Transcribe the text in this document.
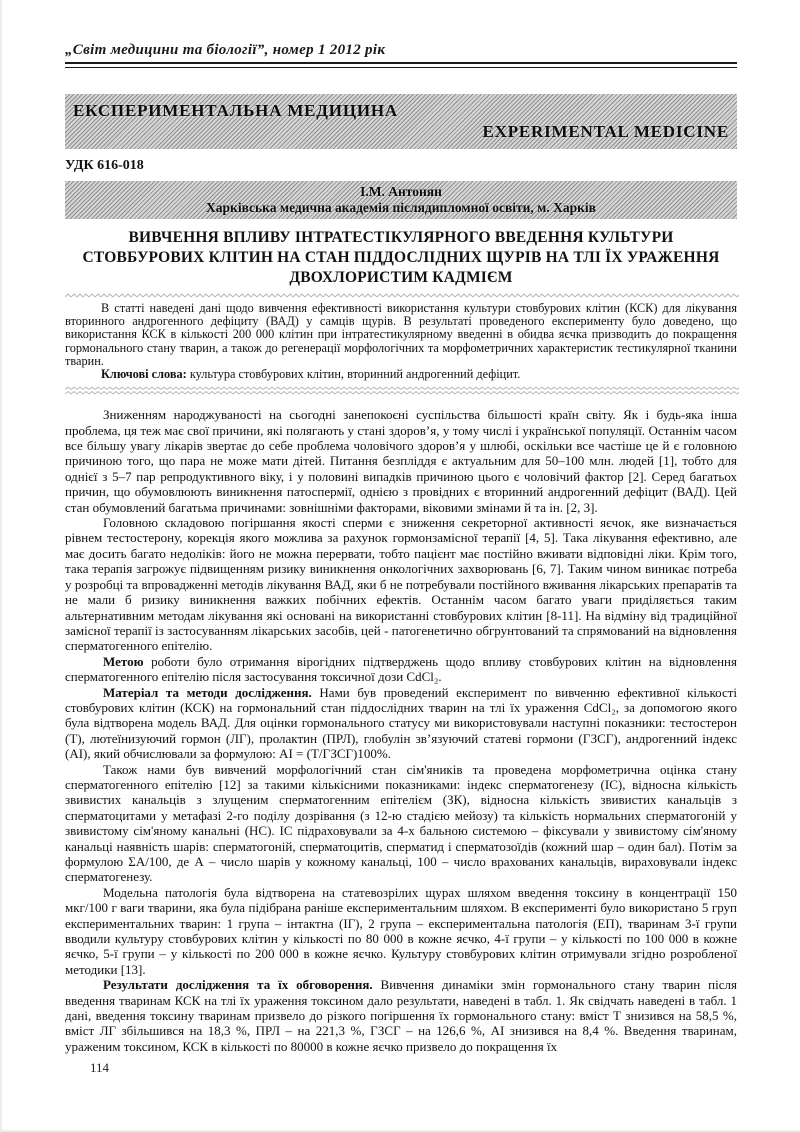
„Світ медицини та біології”, номер 1 2012 рік
ЕКСПЕРИМЕНТАЛЬНА МЕДИЦИНА
EXPERIMENTAL MEDICINE
УДК 616-018
І.М. Антонян
Харківська медична академія післядипломної освіти, м. Харків
ВИВЧЕННЯ ВПЛИВУ ІНТРАТЕСТІКУЛЯРНОГО ВВЕДЕННЯ КУЛЬТУРИ СТОВБУРОВИХ КЛІТИН НА СТАН ПІДДОСЛІДНИХ ЩУРІВ НА ТЛІ ЇХ УРАЖЕННЯ ДВОХЛОРИСТИМ КАДМІЄМ

В статті наведені дані щодо вивчення ефективності використання культури стовбурових клітин (КСК) для лікування вторинного андрогенного дефіциту (ВАД) у самців щурів. В результаті проведеного експерименту було доведено, що використання КСК в кількості 200 000 клітин при інтратестикулярному введенні в обидва яєчка призводить до покращення гормонального стану тварин, а також до регенерації морфологічних та морфометричних характеристик тестикулярної тканини тварин.

Ключові слова: культура стовбурових клітин, вторинний андрогенний дефіцит.

Зниженням народжуваності на сьогодні занепокоєні суспільства більшості країн світу. Як і будь-яка інша проблема, ця теж має свої причини, які полягають у стані здоров’я, у тому числі і української популяції. Останнім часом все більшу увагу лікарів звертає до себе проблема чоловічого здоров’я у шлюбі, оскільки все частіше це й є головною причиною того, що пара не може мати дітей. Питання безпліддя є актуальним для 50–100 млн. людей [1], тобто для однієї з 5–7 пар репродуктивного віку, і у половині випадків причиною цього є чоловічий фактор [2]. Серед багатьох причин, що обумовлюють виникнення патоспермії, однією з провідних є вторинний андрогенний дефіцит (ВАД). Цей стан обумовлений багатьма причинами: зовнішніми факторами, віковими змінами й та ін. [2, 3].

Головною складовою погіршання якості сперми є зниження секреторної активності яєчок, яке визначається рівнем тестостерону, корекція якого можлива за рахунок гормонзамісної терапії [4, 5]. Така лікування ефективно, але має досить багато недоліків: його не можна перервати, тобто пацієнт має постійно вживати відповідні ліки. Крім того, така терапія загрожує підвищенням ризику виникнення онкологічних захворювань [6, 7]. Таким чином виникає потреба у розробці та впровадженні методів лікування ВАД, яки б не потребували постійного вживання лікарських препаратів та не мали б ризику виникнення важких побічних ефектів. Останнім часом багато уваги приділяється таким альтернативним методам лікування які основані на використанні стовбурових клітин [8-11]. На відміну від традиційної замісної терапії із застосуванням лікарських засобів, цей - патогенетично обгрунтований та спрямований на відновлення сперматогенного епітелію.

Метою роботи було отримання вірогідних підтверджень щодо впливу стовбурових клітин на відновлення сперматогенного епітелію після застосування токсичної дози CdCl₂.

Матеріал та методи дослідження. Нами був проведений експеримент по вивченню ефективної кількості стовбурових клітин (КСК) на гормональний стан піддослідних тварин на тлі їх ураження CdCl₂, за допомогою якого була відтворена модель ВАД. Для оцінки гормонального статусу ми використовували наступні показники: тестостерон (Т), лютеїнизуючий гормон (ЛГ), пролактин (ПРЛ), глобулін зв’язуючий статеві гормони (ГЗСГ), андрогенний індекс (АІ), який обчислювали за формулою: АІ = (Т/ГЗСГ)100%.

Також нами був вивчений морфологічний стан сім'яників та проведена морфометрична оцінка стану сперматогенного епітелію [12] за такими кількісними показниками: індекс сперматогенезу (ІС), відносна кількість звивистих канальців з злущеним сперматогенним епітелієм (ЗК), відносна кількість звивистих канальців з сперматоцитами у метафазі 2-го поділу дозрівання (з 12-ю стадією мейозу) та кількість нормальних сперматогоній у звивистому сім'яному канальні (НС). ІС підраховували за 4-х бальною системою – фіксували у звивистому сім'яному канальці наявність шарів: сперматогоній, сперматоцитів, сперматид і сперматозоїдів (кожний шар – один бал). Потім за формулою ΣА/100, де А – число шарів у кожному канальці, 100 – число врахованих канальців, вираховували індекс сперматогенезу.

Модельна патологія була відтворена на статевозрілих щурах шляхом введення токсину в концентрації 150 мкг/100 г ваги тварини, яка була підібрана раніше експериментальним шляхом. В експерименті було використано 5 груп експериментальних тварин: 1 група – інтактна (ІГ), 2 група – експериментальна патологія (ЕП), тваринам 3-ї групи вводили культуру стовбурових клітин у кількості по 80 000 в кожне яєчко, 4-ї групи – у кількості по 100 000 в кожне яєчко, 5-ї групи – у кількості по 200 000 в кожне яєчко. Культуру стовбурових клітин отримували згідно розробленої методики [13].

Результати дослідження та їх обговорення. Вивчення динаміки змін гормонального стану тварин після введення тваринам КСК на тлі їх ураження токсином дало результати, наведені в табл. 1. Як свідчать наведені в табл. 1 дані, введення токсину тваринам призвело до різкого погіршення їх гормонального стану: вміст Т знизився на 58,5 %, вміст ЛГ збільшився на 18,3 %, ПРЛ – на 221,3 %, ГЗСГ – на 126,6 %, АІ знизився на 8,4 %. Введення тваринам, ураженим токсином, КСК в кількості по 80000 в кожне яєчко призвело до покращення їх

114
